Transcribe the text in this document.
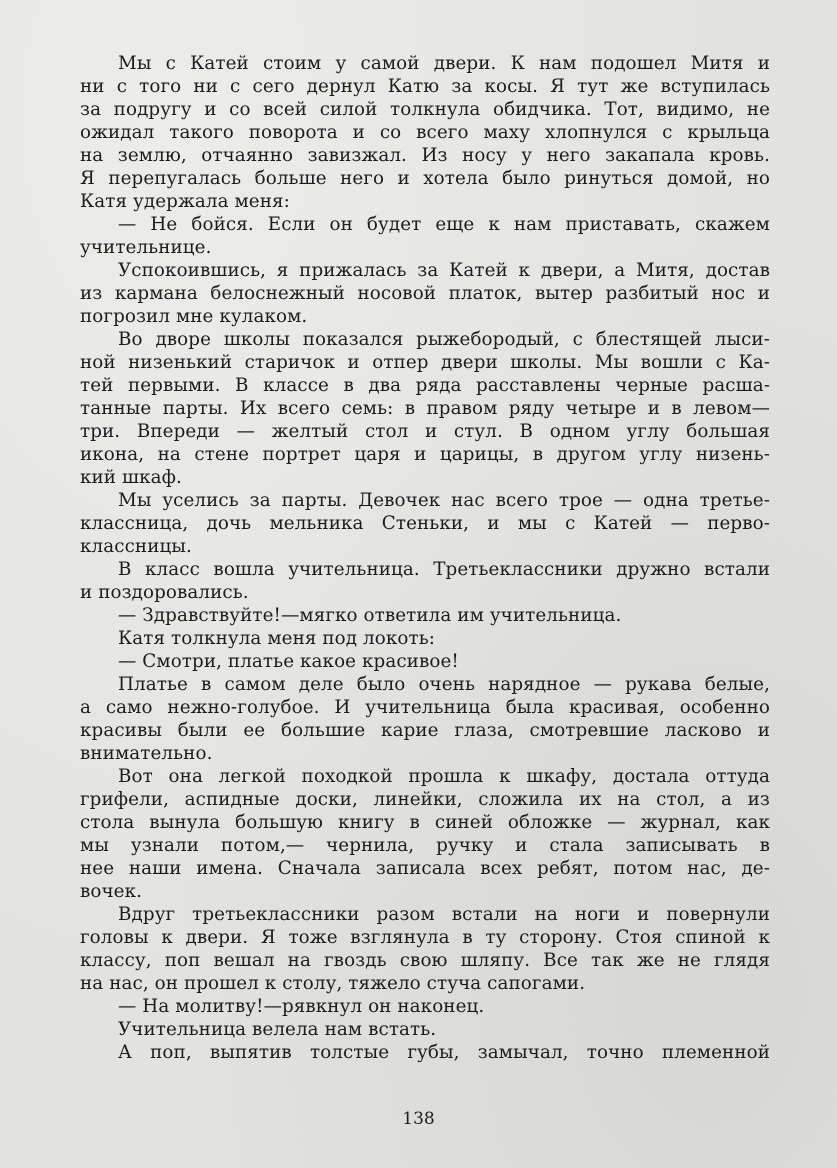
Мы с Катей стоим у самой двери. К нам подошел Митя и
ни с того ни с сего дернул Катю за косы. Я тут же вступилась
за подругу и со всей силой толкнула обидчика. Тот, видимо, не
ожидал такого поворота и со всего маху хлопнулся с крыльца
на землю, отчаянно завизжал. Из носу у него закапала кровь.
Я перепугалась больше него и хотела было ринуться домой, но
Катя удержала меня:
— Не бойся. Если он будет еще к нам приставать, скажем
учительнице.
Успокоившись, я прижалась за Катей к двери, а Митя, достав
из кармана белоснежный носовой платок, вытер разбитый нос и
погрозил мне кулаком.
Во дворе школы показался рыжебородый, с блестящей лыси-
ной низенький старичок и отпер двери школы. Мы вошли с Ка-
тей первыми. В классе в два ряда расставлены черные расша-
танные парты. Их всего семь: в правом ряду четыре и в левом—
три. Впереди — желтый стол и стул. В одном углу большая
икона, на стене портрет царя и царицы, в другом углу низень-
кий шкаф.
Мы уселись за парты. Девочек нас всего трое — одна третье-
классница, дочь мельника Стеньки, и мы с Катей — перво-
классницы.
В класс вошла учительница. Третьеклассники дружно встали
и поздоровались.
— Здравствуйте!—мягко ответила им учительница.
Катя толкнула меня под локоть:
— Смотри, платье какое красивое!
Платье в самом деле было очень нарядное — рукава белые,
а само нежно-голубое. И учительница была красивая, особенно
красивы были ее большие карие глаза, смотревшие ласково и
внимательно.
Вот она легкой походкой прошла к шкафу, достала оттуда
грифели, аспидные доски, линейки, сложила их на стол, а из
стола вынула большую книгу в синей обложке — журнал, как
мы узнали потом,— чернила, ручку и стала записывать в
нее наши имена. Сначала записала всех ребят, потом нас, де-
вочек.
Вдруг третьеклассники разом встали на ноги и повернули
головы к двери. Я тоже взглянула в ту сторону. Стоя спиной к
классу, поп вешал на гвоздь свою шляпу. Все так же не глядя
на нас, он прошел к столу, тяжело стуча сапогами.
— На молитву!—рявкнул он наконец.
Учительница велела нам встать.
А поп, выпятив толстые губы, замычал, точно племенной
138
